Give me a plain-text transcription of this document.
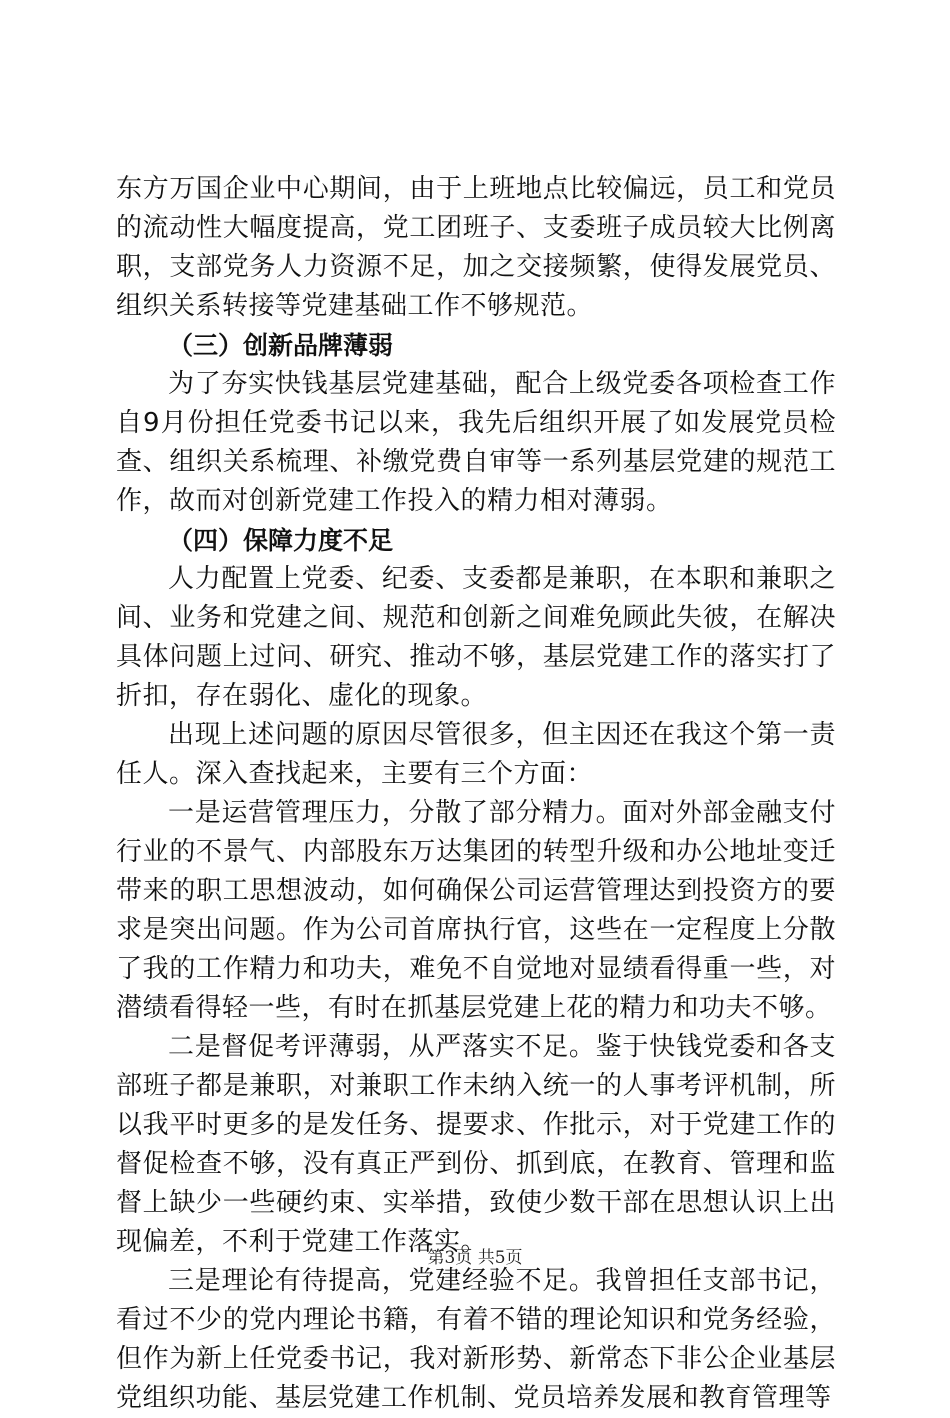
东方万国企业中心期间，由于上班地点比较偏远，员工和党员的流动性大幅度提高，党工团班子、支委班子成员较大比例离职，支部党务人力资源不足，加之交接频繁，使得发展党员、组织关系转接等党建基础工作不够规范。

（三）创新品牌薄弱

为了夯实快钱基层党建基础，配合上级党委各项检查工作自9月份担任党委书记以来，我先后组织开展了如发展党员检查、组织关系梳理、补缴党费自审等一系列基层党建的规范工作，故而对创新党建工作投入的精力相对薄弱。

（四）保障力度不足

人力配置上党委、纪委、支委都是兼职，在本职和兼职之间、业务和党建之间、规范和创新之间难免顾此失彼，在解决具体问题上过问、研究、推动不够，基层党建工作的落实打了折扣，存在弱化、虚化的现象。

出现上述问题的原因尽管很多，但主因还在我这个第一责任人。深入查找起来，主要有三个方面：

一是运营管理压力，分散了部分精力。面对外部金融支付行业的不景气、内部股东万达集团的转型升级和办公地址变迁带来的职工思想波动，如何确保公司运营管理达到投资方的要求是突出问题。作为公司首席执行官，这些在一定程度上分散了我的工作精力和功夫，难免不自觉地对显绩看得重一些，对潜绩看得轻一些，有时在抓基层党建上花的精力和功夫不够。

二是督促考评薄弱，从严落实不足。鉴于快钱党委和各支部班子都是兼职，对兼职工作未纳入统一的人事考评机制，所以我平时更多的是发任务、提要求、作批示，对于党建工作的督促检查不够，没有真正严到份、抓到底，在教育、管理和监督上缺少一些硬约束、实举措，致使少数干部在思想认识上出现偏差，不利于党建工作落实。

三是理论有待提高，党建经验不足。我曾担任支部书记，看过不少的党内理论书籍，有着不错的理论知识和党务经验，但作为新上任党委书记，我对新形势、新常态下非公企业基层党组织功能、基层党建工作机制、党员培养发展和教育管理等

第3页 共5页
